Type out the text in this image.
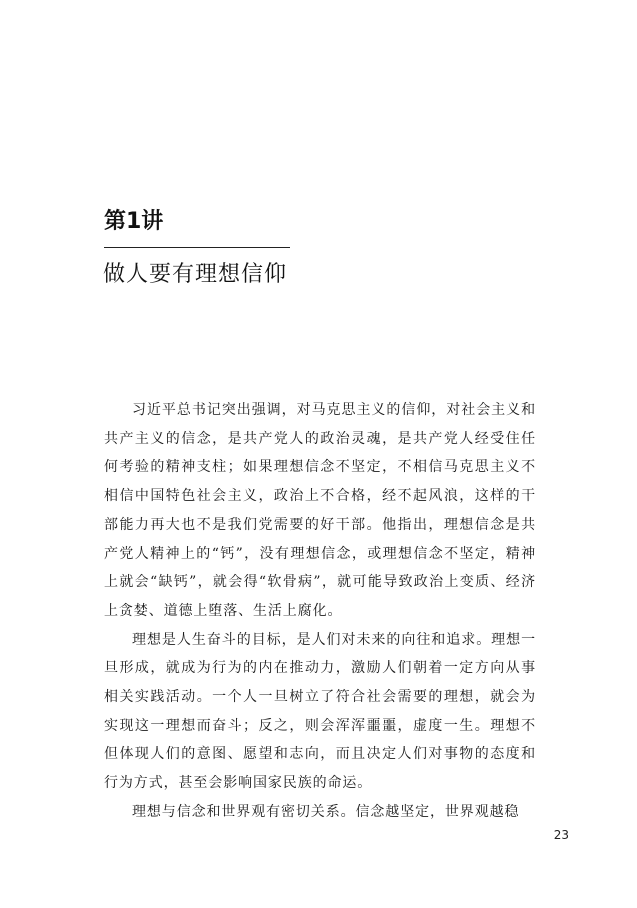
第1讲
做人要有理想信仰

习近平总书记突出强调，对马克思主义的信仰，对社会主义和共产主义的信念，是共产党人的政治灵魂，是共产党人经受住任何考验的精神支柱；如果理想信念不坚定，不相信马克思主义不相信中国特色社会主义，政治上不合格，经不起风浪，这样的干部能力再大也不是我们党需要的好干部。他指出，理想信念是共产党人精神上的“钙”，没有理想信念，或理想信念不坚定，精神上就会“缺钙”，就会得“软骨病”，就可能导致政治上变质、经济上贪婪、道德上堕落、生活上腐化。

理想是人生奋斗的目标，是人们对未来的向往和追求。理想一旦形成，就成为行为的内在推动力，激励人们朝着一定方向从事相关实践活动。一个人一旦树立了符合社会需要的理想，就会为实现这一理想而奋斗；反之，则会浑浑噩噩，虚度一生。理想不但体现人们的意图、愿望和志向，而且决定人们对事物的态度和行为方式，甚至会影响国家民族的命运。

理想与信念和世界观有密切关系。信念越坚定，世界观越稳

23
